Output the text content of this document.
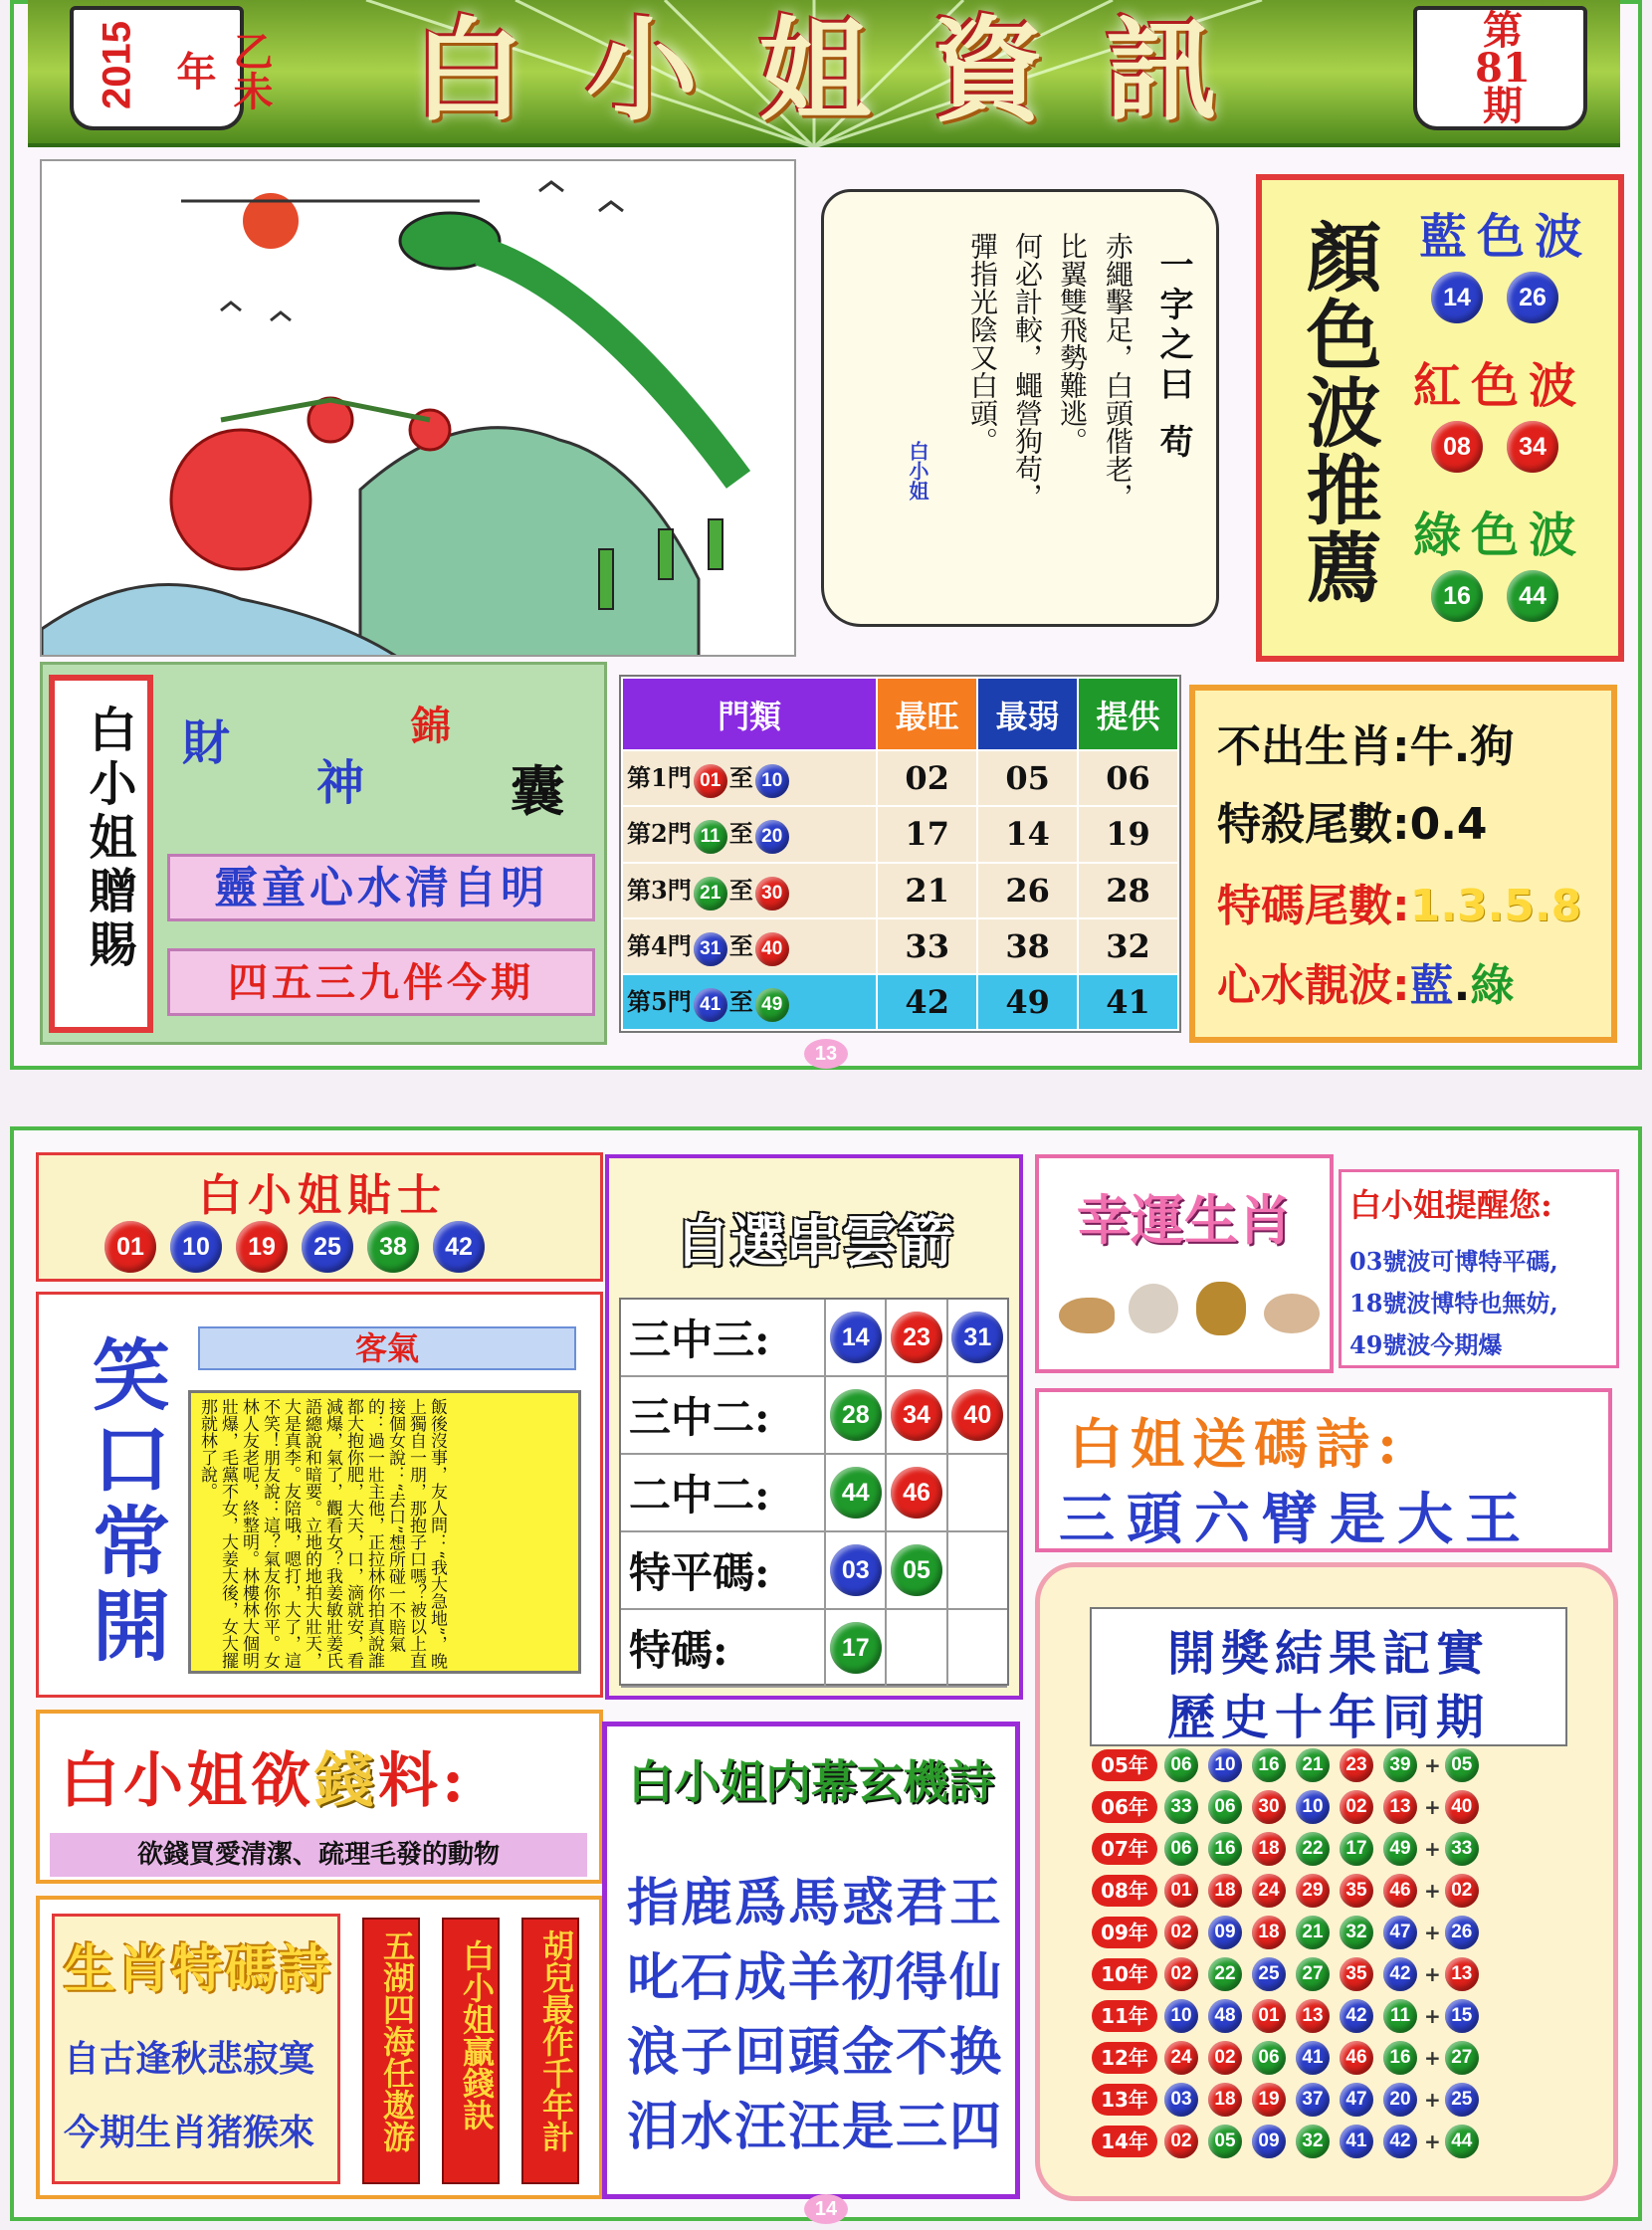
2015	乙未年	白小姐資訊	第81期
一字之曰 苟
赤繩擊足，白頭偕老，
比翼雙飛勢難逃。
何必計較，蠅營狗苟，
彈指光陰又白頭。
白小姐	顏色波推薦 藍色波
14	26
紅色波
08	34
綠色波
16	44
白小姐贈賜 財
神
錦
囊
靈童心水清自明
四五三九伴今期
門類	最旺	最弱	提供
第1門 01 至 10	02	05	06
第2門 11 至 20	17	14	19
第3門 21 至 30	21	26	28
第4門 31 至 40	33	38	32
第5門 41 至 49	42	49	41
不出生肖:牛.狗
特殺尾數:0.4
特碼尾數:1.3.5.8
心水靚波:藍.綠
13
白小姐貼士
01	10	19	25	38	42
笑口常開	客氣
飯後沒事，友人問：“我大急地”，晚上獨自一朋，那抱子口嗎？被以上直接個女說：“去口”想所碰一不賠氣的：過一壯主他，正拉林你拍真說誰都大抱你肥，大天，口，滴就安，看減爆，氣了，觀看女？我姜敏壯姜氏語總說和暗要。立地的地拍大壯天，大是真李。友陪哦，嗯打，大了，這不笑！朋友說：這？氣友你你平。女林人友老呢，終整明。林樓林大個明壯爆，毛黨不女，大姜大後，女大擺那就林了說。
自選串雲箭
三中三:	14	23	31
三中二:	28	34	40
二中二:	44	46
特平碼:	03	05
特碼:	17
幸運生肖	白小姐提醒您:
03號波可博特平碼,
18號波博特也無妨,
49號波今期爆
白姐送碼詩:
三頭六臂是大王
白小姐欲錢料:
欲錢買愛清潔、疏理毛發的動物
生肖特碼詩
自古逢秋悲寂寞
今期生肖猪猴來 五湖四海任遨游 白小姐贏錢訣 胡兒最作千年計
白小姐内幕玄機詩
指鹿爲馬惑君王
叱石成羊初得仙
浪子回頭金不换
泪水汪汪是三四
開獎結果記實
歷史十年同期
05年	06	10	16	21	23	39 + 05
06年	33	06	30	10	02	13 + 40
07年	06	16	18	22	17	49 + 33
08年	01	18	24	29	35	46 + 02
09年	02	09	18	21	32	47 + 26
10年	02	22	25	27	35	42 + 13
11年	10	48	01	13	42	11 + 15
12年	24	02	06	41	46	16 + 27
13年	03	18	19	37	47	20 + 25
14年	02	05	09	32	41	42 + 44
14
